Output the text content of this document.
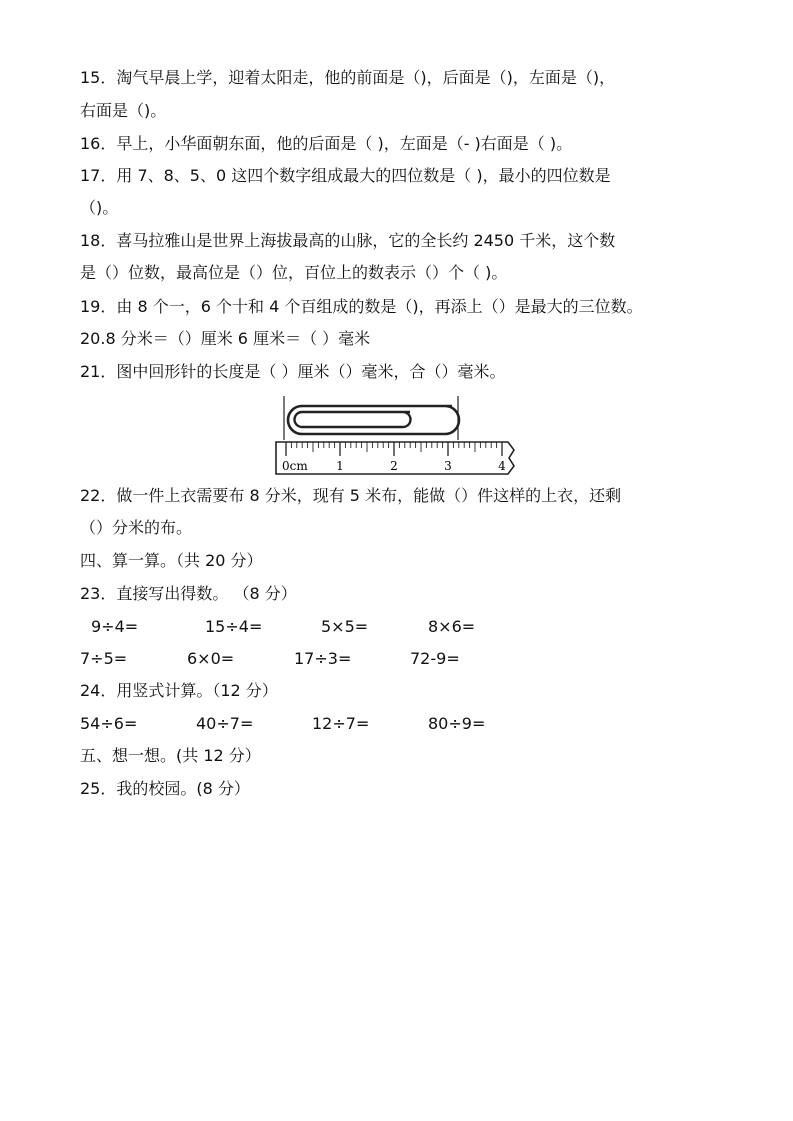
15．淘气早晨上学，迎着太阳走，他的前面是（)，后面是（)，左面是（)，
右面是（)。
16．早上，小华面朝东面，他的后面是（ )，左面是（- )右面是（ )。
17．用 7、8、5、0 这四个数字组成最大的四位数是（ )，最小的四位数是
（)。
18．喜马拉雅山是世界上海拔最高的山脉，它的全长约 2450 千米，这个数
是（）位数，最高位是（）位，百位上的数表示（）个（ )。
19．由 8 个一，6 个十和 4 个百组成的数是（)，再添上（）是最大的三位数。
20.8 分米＝（）厘米 6 厘米＝（ ）毫米
21．图中回形针的长度是（ ）厘米（）毫米，合（）毫米。
0cm 1	2	3	4
22．做一件上衣需要布 8 分米，现有 5 米布，能做（）件这样的上衣，还剩
（）分米的布。
四、算一算。（共 20 分）
23．直接写出得数。 （8 分）
9÷4=	15÷4=	5×5=	8×6=
7÷5=	6×0=	17÷3=	72-9=
24．用竖式计算。（12 分）
54÷6=	40÷7=	12÷7=	80÷9=
五、想一想。(共 12 分）
25．我的校园。(8 分）
